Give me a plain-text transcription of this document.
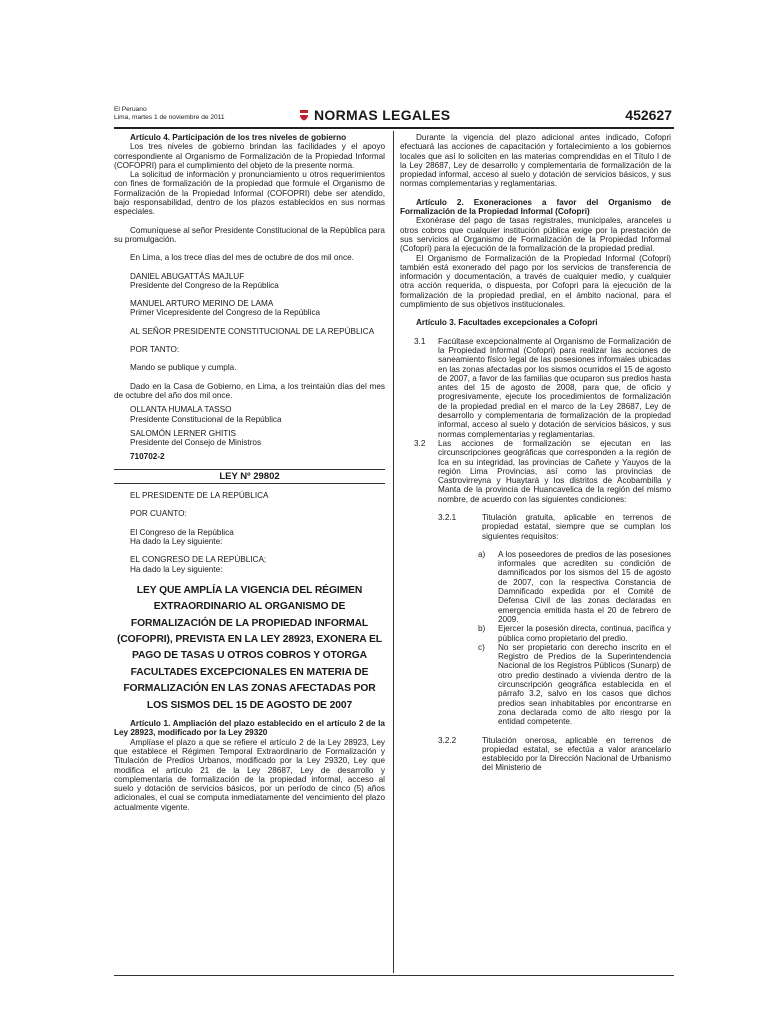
El Peruano
Lima, martes 1 de noviembre de 2011	NORMAS LEGALES	452627

Artículo 4. Participación de los tres niveles de gobierno

Los tres niveles de gobierno brindan las facilidades y el apoyo correspondiente al Organismo de Formalización de la Propiedad Informal (COFOPRI) para el cumplimiento del objeto de la presente norma.

La solicitud de información y pronunciamiento u otros requerimientos con fines de formalización de la propiedad que formule el Organismo de Formalización de la Propiedad Informal (COFOPRI) debe ser atendido, bajo responsabilidad, dentro de los plazos establecidos en sus normas especiales.

Comuníquese al señor Presidente Constitucional de la República para su promulgación.

En Lima, a los trece días del mes de octubre de dos mil once.

DANIEL ABUGATTÁS MAJLUF

Presidente del Congreso de la República

MANUEL ARTURO MERINO DE LAMA

Primer Vicepresidente del Congreso de la República

AL SEÑOR PRESIDENTE CONSTITUCIONAL DE LA REPÚBLICA

POR TANTO:

Mando se publique y cumpla.

Dado en la Casa de Gobierno, en Lima, a los treintaiún días del mes de octubre del año dos mil once.

OLLANTA HUMALA TASSO

Presidente Constitucional de la República

SALOMÓN LERNER GHITIS

Presidente del Consejo de Ministros

710702-2

LEY Nº 29802

EL PRESIDENTE DE LA REPÚBLICA

POR CUANTO:

El Congreso de la República

Ha dado la Ley siguiente:

EL CONGRESO DE LA REPÚBLICA;

Ha dado la Ley siguiente:

LEY QUE AMPLÍA LA VIGENCIA DEL RÉGIMEN EXTRAORDINARIO AL ORGANISMO DE FORMALIZACIÓN DE LA PROPIEDAD INFORMAL (COFOPRI), PREVISTA EN LA LEY 28923, EXONERA EL PAGO DE TASAS U OTROS COBROS Y OTORGA FACULTADES EXCEPCIONALES EN MATERIA DE FORMALIZACIÓN EN LAS ZONAS AFECTADAS POR LOS SISMOS DEL 15 DE AGOSTO DE 2007

Artículo 1. Ampliación del plazo establecido en el artículo 2 de la Ley 28923, modificado por la Ley 29320

Amplíase el plazo a que se refiere el artículo 2 de la Ley 28923, Ley que establece el Régimen Temporal Extraordinario de Formalización y Titulación de Predios Urbanos, modificado por la Ley 29320, Ley que modifica el artículo 21 de la Ley 28687, Ley de desarrollo y complementaria de formalización de la propiedad informal, acceso al suelo y dotación de servicios básicos, por un período de cinco (5) años adicionales, el cual se computa inmediatamente del vencimiento del plazo actualmente vigente.

Durante la vigencia del plazo adicional antes indicado, Cofopri efectuará las acciones de capacitación y fortalecimiento a los gobiernos locales que así lo soliciten en las materias comprendidas en el Título I de la Ley 28687, Ley de desarrollo y complementaria de formalización de la propiedad informal, acceso al suelo y dotación de servicios básicos, y sus normas complementarias y reglamentarias.

Artículo 2. Exoneraciones a favor del Organismo de Formalización de la Propiedad Informal (Cofopri)

Exonérase del pago de tasas registrales, municipales, aranceles u otros cobros que cualquier institución pública exige por la prestación de sus servicios al Organismo de Formalización de la Propiedad Informal (Cofopri) para la ejecución de la formalización de la propiedad predial.

El Organismo de Formalización de la Propiedad Informal (Cofopri) también está exonerado del pago por los servicios de transferencia de información y documentación, a través de cualquier medio, y cualquier otra acción requerida, o dispuesta, por Cofopri para la ejecución de la formalización de la propiedad predial, en el ámbito nacional, para el cumplimiento de sus objetivos institucionales.

Artículo 3. Facultades excepcionales a Cofopri

3.1	Facúltase excepcionalmente al Organismo de Formalización de la Propiedad Informal (Cofopri) para realizar las acciones de saneamiento físico legal de las posesiones informales ubicadas en las zonas afectadas por los sismos ocurridos el 15 de agosto de 2007, a favor de las familias que ocuparon sus predios hasta antes del 15 de agosto de 2008, para que, de oficio y progresivamente, ejecute los procedimientos de formalización de la propiedad predial en el marco de la Ley 28687, Ley de desarrollo y complementaria de formalización de la propiedad informal, acceso al suelo y dotación de servicios básicos, y sus normas complementarias y reglamentarias.
3.2	Las acciones de formalización se ejecutan en las circunscripciones geográficas que corresponden a la región de Ica en su integridad, las provincias de Cañete y Yauyos de la región Lima Provincias, así como las provincias de Castrovirreyna y Huaytará y los distritos de Acobambilla y Manta de la provincia de Huancavelica de la región del mismo nombre, de acuerdo con las siguientes condiciones:
3.2.1	Titulación gratuita, aplicable en terrenos de propiedad estatal, siempre que se cumplan los siguientes requisitos:
a)	A los poseedores de predios de las posesiones informales que acrediten su condición de damnificados por los sismos del 15 de agosto de 2007, con la respectiva Constancia de Damnificado expedida por el Comité de Defensa Civil de las zonas declaradas en emergencia emitida hasta el 20 de febrero de 2009.
b)	Ejercer la posesión directa, continua, pacífica y pública como propietario del predio.
c)	No ser propietario con derecho inscrito en el Registro de Predios de la Superintendencia Nacional de los Registros Públicos (Sunarp) de otro predio destinado a vivienda dentro de la circunscripción geográfica establecida en el párrafo 3.2, salvo en los casos que dichos predios sean inhabitables por encontrarse en zona declarada como de alto riesgo por la entidad competente.
3.2.2	Titulación onerosa, aplicable en terrenos de propiedad estatal, se efectúa a valor arancelario establecido por la Dirección Nacional de Urbanismo del Ministerio de
